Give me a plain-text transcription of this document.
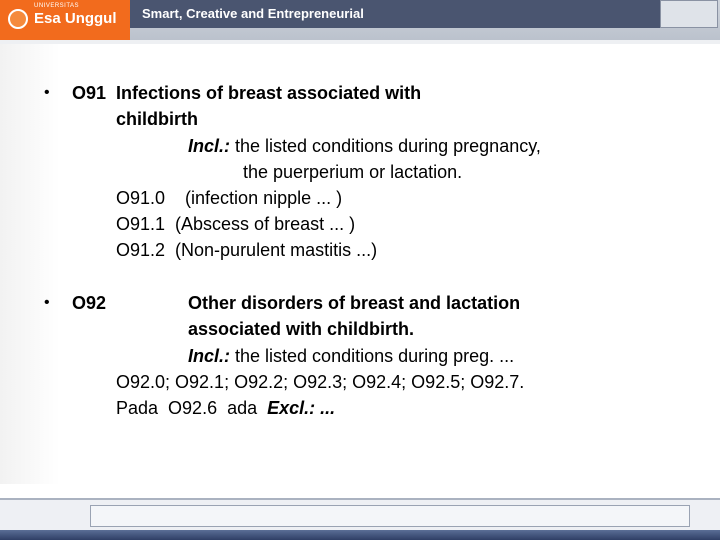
UNIVERSITAS
Esa Unggul Smart, Creative and Entrepreneurial
• O91 Infections of breast associated with
childbirth
Incl.: the listed conditions during pregnancy,
the puerperium or lactation.
O91.0    (infection nipple ... )
O91.1  (Abscess of breast ... )
O91.2  (Non-purulent mastitis ...)
• O92	Other disorders of breast and lactation
associated with childbirth.
Incl.: the listed conditions during preg. ...
O92.0; O92.1; O92.2; O92.3; O92.4; O92.5; O92.7.
Pada  O92.6  ada  Excl.: ...
